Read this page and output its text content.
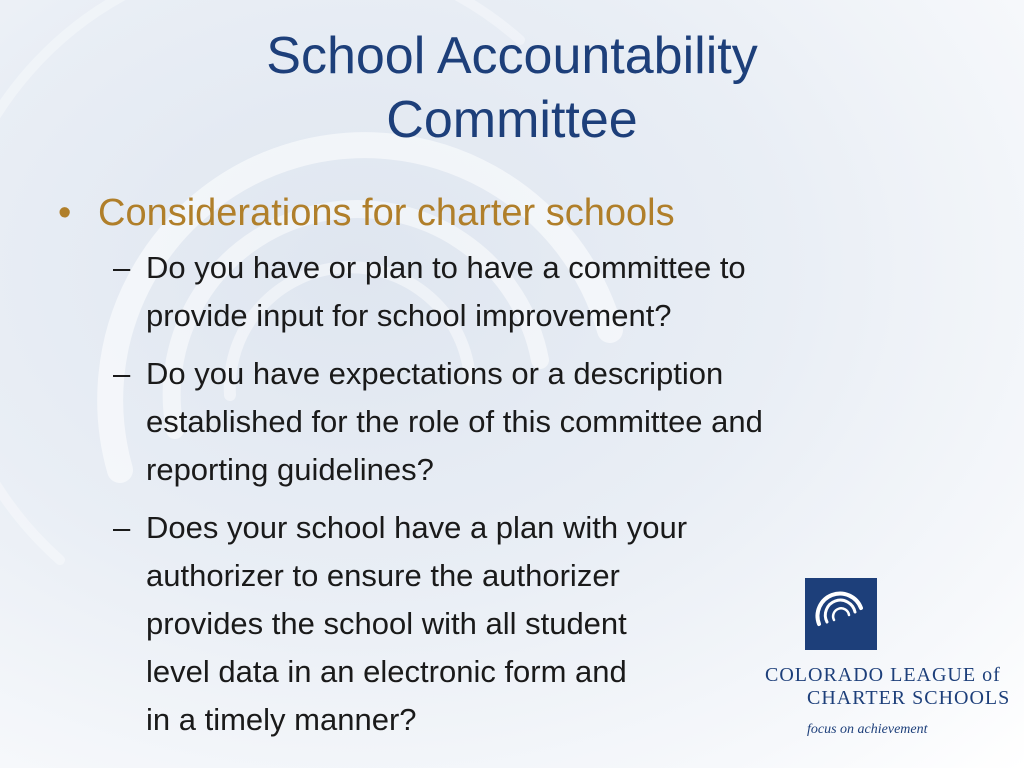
School Accountability
Committee
• Considerations for charter schools
– Do you have or plan to have a committee to
provide input for school improvement?
– Do you have expectations or a description
established for the role of this committee and
reporting guidelines?
– Does your school have a plan with your
authorizer to ensure the authorizer
provides the school with all student
level data in an electronic form and
in a timely manner?
COLORADO LEAGUE of
CHARTER SCHOOLS
focus on achievement
